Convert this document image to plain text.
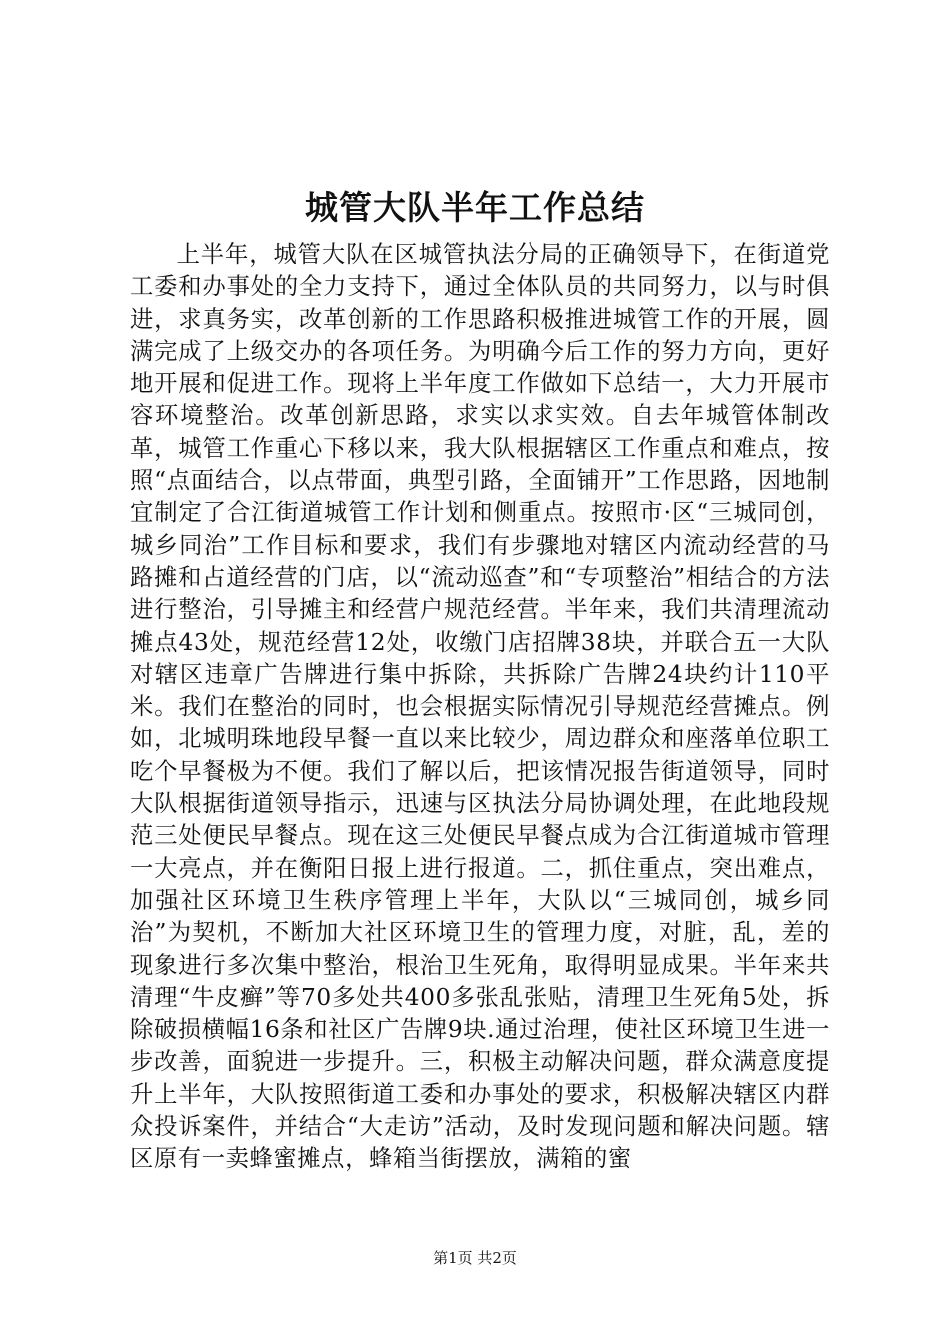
城管大队半年工作总结

上半年，城管大队在区城管执法分局的正确领导下，在街道党工委和办事处的全力支持下，通过全体队员的共同努力，以与时俱进，求真务实，改革创新的工作思路积极推进城管工作的开展，圆满完成了上级交办的各项任务。为明确今后工作的努力方向，更好地开展和促进工作。现将上半年度工作做如下总结一，大力开展市容环境整治。改革创新思路，求实以求实效。自去年城管体制改革，城管工作重心下移以来，我大队根据辖区工作重点和难点，按照“点面结合，以点带面，典型引路，全面铺开”工作思路，因地制宜制定了合江街道城管工作计划和侧重点。按照市·区“三城同创，城乡同治”工作目标和要求，我们有步骤地对辖区内流动经营的马路摊和占道经营的门店，以“流动巡查”和“专项整治”相结合的方法进行整治，引导摊主和经营户规范经营。半年来，我们共清理流动摊点43处，规范经营12处，收缴门店招牌38块，并联合五一大队对辖区违章广告牌进行集中拆除，共拆除广告牌24块约计110平米。我们在整治的同时，也会根据实际情况引导规范经营摊点。例如，北城明珠地段早餐一直以来比较少，周边群众和座落单位职工吃个早餐极为不便。我们了解以后，把该情况报告街道领导，同时大队根据街道领导指示，迅速与区执法分局协调处理，在此地段规范三处便民早餐点。现在这三处便民早餐点成为合江街道城市管理一大亮点，并在衡阳日报上进行报道。二，抓住重点，突出难点，加强社区环境卫生秩序管理上半年，大队以“三城同创，城乡同治”为契机，不断加大社区环境卫生的管理力度，对脏，乱，差的现象进行多次集中整治，根治卫生死角，取得明显成果。半年来共清理“牛皮癣”等70多处共400多张乱张贴，清理卫生死角5处，拆除破损横幅16条和社区广告牌9块.通过治理，使社区环境卫生进一步改善，面貌进一步提升。三，积极主动解决问题，群众满意度提升上半年，大队按照街道工委和办事处的要求，积极解决辖区内群众投诉案件，并结合“大走访”活动，及时发现问题和解决问题。辖区原有一卖蜂蜜摊点，蜂箱当街摆放，满箱的蜜

第1页 共2页
